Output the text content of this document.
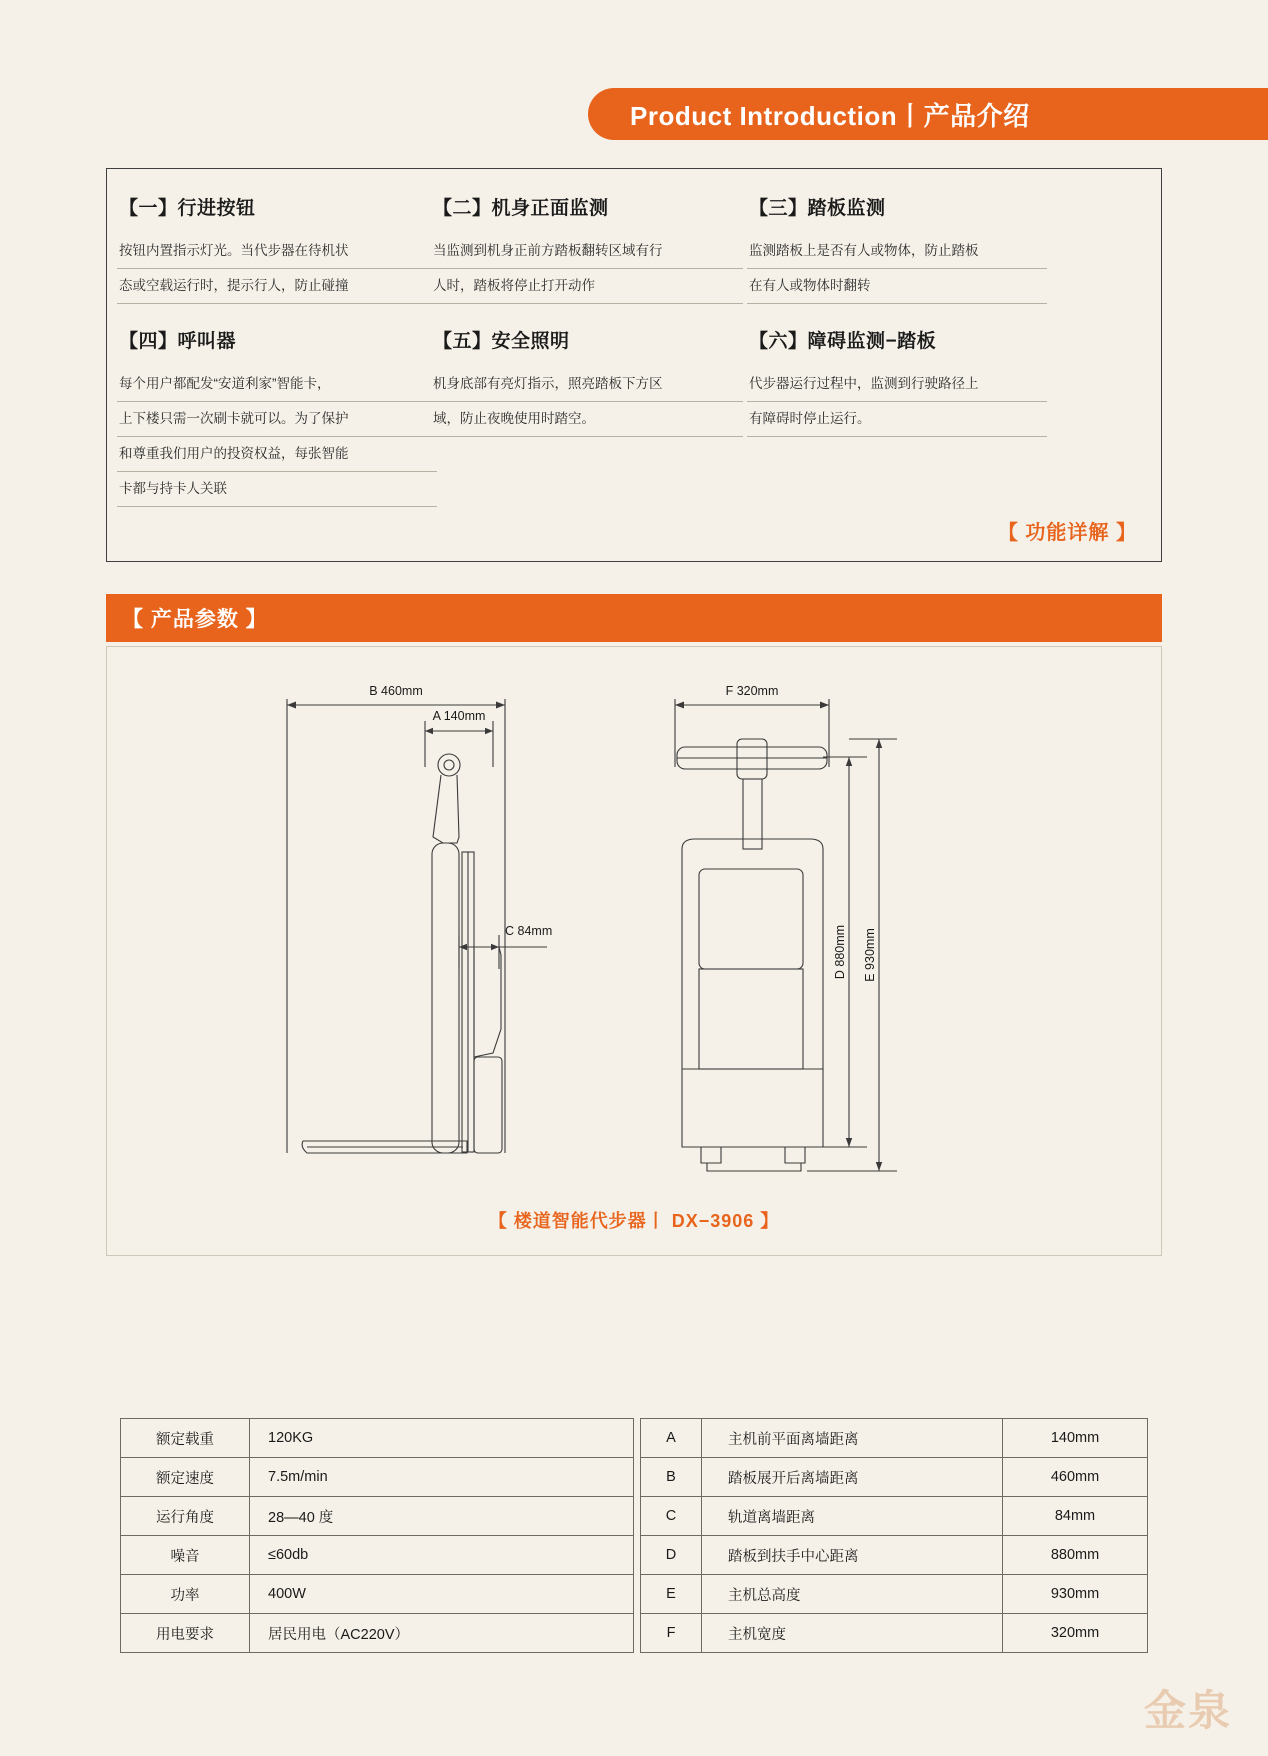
Product Introduction丨产品介绍
【一】行进按钮
按钮内置指示灯光。当代步器在待机状
态或空载运行时，提示行人，防止碰撞
【四】呼叫器
每个用户都配发“安道利家”智能卡，
上下楼只需一次刷卡就可以。为了保护
和尊重我们用户的投资权益，每张智能
卡都与持卡人关联
【二】机身正面监测
当监测到机身正前方踏板翻转区域有行
人时，踏板将停止打开动作
【五】安全照明
机身底部有亮灯指示，照亮踏板下方区
域，防止夜晚使用时踏空。
【三】踏板监测
监测踏板上是否有人或物体，防止踏板
在有人或物体时翻转
【六】障碍监测−踏板
代步器运行过程中，监测到行驶路径上
有障碍时停止运行。
【 功能详解 】
【 产品参数 】
B 460mm
A 140mm
C 84mm
F 320mm
D 880mm E 930mm
【 楼道智能代步器丨 DX−3906 】
额定载重	120KG
额定速度	7.5m/min
运行角度	28—40 度
噪音	≤60db
功率	400W
用电要求	居民用电（AC220V）
A	主机前平面离墙距离	140mm
B	踏板展开后离墙距离	460mm
C	轨道离墙距离	84mm
D	踏板到扶手中心距离	880mm
E	主机总高度	930mm
F	主机宽度	320mm
金泉
